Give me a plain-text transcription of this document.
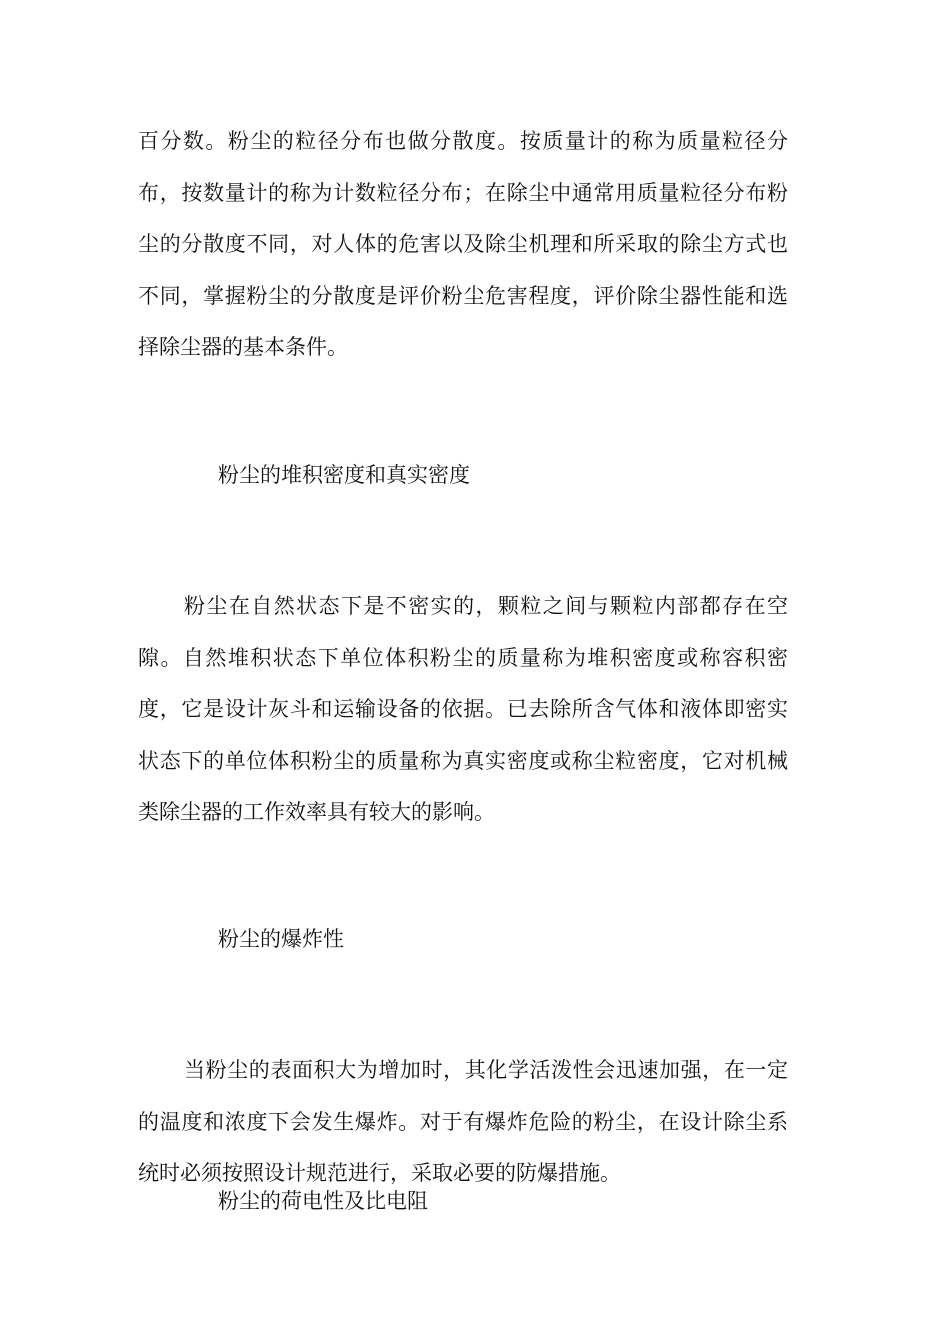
百分数。粉尘的粒径分布也做分散度。按质量计的称为质量粒径分布，按数量计的称为计数粒径分布；在除尘中通常用质量粒径分布粉尘的分散度不同，对人体的危害以及除尘机理和所采取的除尘方式也不同，掌握粉尘的分散度是评价粉尘危害程度，评价除尘器性能和选择除尘器的基本条件。

粉尘的堆积密度和真实密度

粉尘在自然状态下是不密实的，颗粒之间与颗粒内部都存在空隙。自然堆积状态下单位体积粉尘的质量称为堆积密度或称容积密度，它是设计灰斗和运输设备的依据。已去除所含气体和液体即密实状态下的单位体积粉尘的质量称为真实密度或称尘粒密度，它对机械类除尘器的工作效率具有较大的影响。

粉尘的爆炸性

当粉尘的表面积大为增加时，其化学活泼性会迅速加强，在一定的温度和浓度下会发生爆炸。对于有爆炸危险的粉尘，在设计除尘系统时必须按照设计规范进行，采取必要的防爆措施。

粉尘的荷电性及比电阻
